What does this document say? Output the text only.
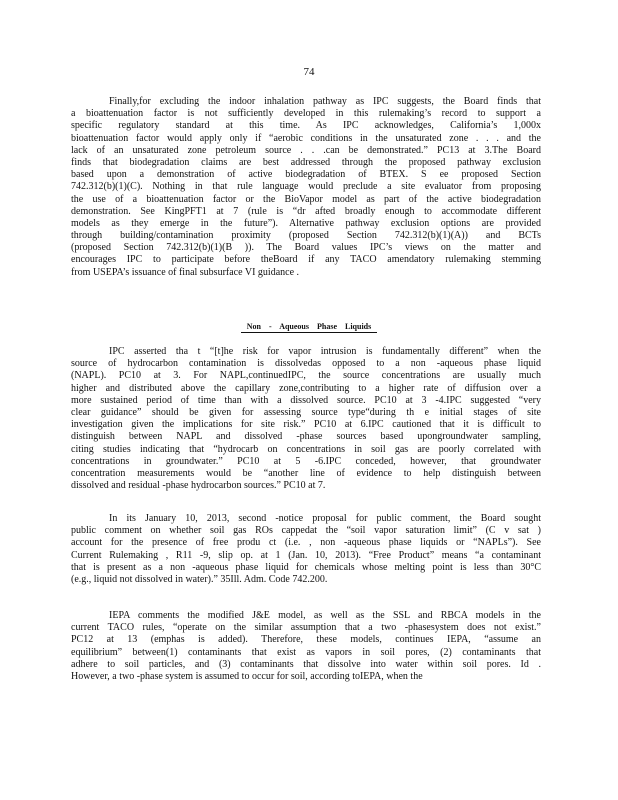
74
Finally,for excluding the indoor inhalation pathway as IPC suggests, the Board finds that
a bioattenuation factor is not sufficiently developed in this rulemaking’s record to support a
specific regulatory standard at this time. As IPC acknowledges, California’s 1,000x
bioattenuation factor would apply only if “aerobic conditions in the unsaturated zone . . . and the
lack of an unsaturated zone petroleum source . . .can be demonstrated.” PC13 at 3.The Board
finds that biodegradation claims are best addressed through the proposed pathway exclusion
based upon a demonstration of active biodegradation of BTEX. S ee proposed Section
742.312(b)(1)(C). Nothing in that rule language would preclude a site evaluator from proposing
the use of a bioattenuation factor or the BioVapor model as part of the active biodegradation
demonstration. See KingPFT1 at 7 (rule is “dr afted broadly enough to accommodate different
models as they emerge in the future”). Alternative pathway exclusion options are provided
through building/contamination proximity (proposed Section 742.312(b)(1)(A)) and BCTs
(proposed Section 742.312(b)(1)(B )). The Board values IPC’s views on the matter and
encourages IPC to participate before theBoard if any TACO amendatory rulemaking stemming
from USEPA’s issuance of final subsurface VI guidance .
Non - Aqueous Phase Liquids
IPC asserted tha t “[t]he risk for vapor intrusion is fundamentally different” when the
source of hydrocarbon contamination is dissolvedas opposed to a non -aqueous phase liquid
(NAPL). PC10 at 3. For NAPL,continuedIPC, the source concentrations are usually much
higher and distributed above the capillary zone,contributing to a higher rate of diffusion over a
more sustained period of time than with a dissolved source. PC10 at 3 -4.IPC suggested “very
clear guidance” should be given for assessing source type“during th e initial stages of site
investigation given the implications for site risk.” PC10 at 6.IPC cautioned that it is difficult to
distinguish between NAPL and dissolved -phase sources based upongroundwater sampling,
citing studies indicating that “hydrocarb on concentrations in soil gas are poorly correlated with
concentrations in groundwater.” PC10 at 5 -6.IPC conceded, however, that groundwater
concentration measurements would be “another line of evidence to help distinguish between
dissolved and residual -phase hydrocarbon sources.” PC10 at 7.
In its January 10, 2013, second -notice proposal for public comment, the Board sought
public comment on whether soil gas ROs cappedat the “soil vapor saturation limit” (C v sat )
account for the presence of free produ ct (i.e. , non -aqueous phase liquids or “NAPLs”). See
Current Rulemaking , R11 -9, slip op. at 1 (Jan. 10, 2013). “Free Product” means “a contaminant
that is present as a non -aqueous phase liquid for chemicals whose melting point is less than 30°C
(e.g., liquid not dissolved in water).” 35Ill. Adm. Code 742.200.
IEPA comments the modified J&E model, as well as the SSL and RBCA models in the
current TACO rules, “operate on the similar assumption that a two -phasesystem does not exist.”
PC12 at 13 (emphas is added). Therefore, these models, continues IEPA, “assume an
equilibrium” between(1) contaminants that exist as vapors in soil pores, (2) contaminants that
adhere to soil particles, and (3) contaminants that dissolve into water within soil pores. Id .
However, a two -phase system is assumed to occur for soil, according toIEPA, when the
